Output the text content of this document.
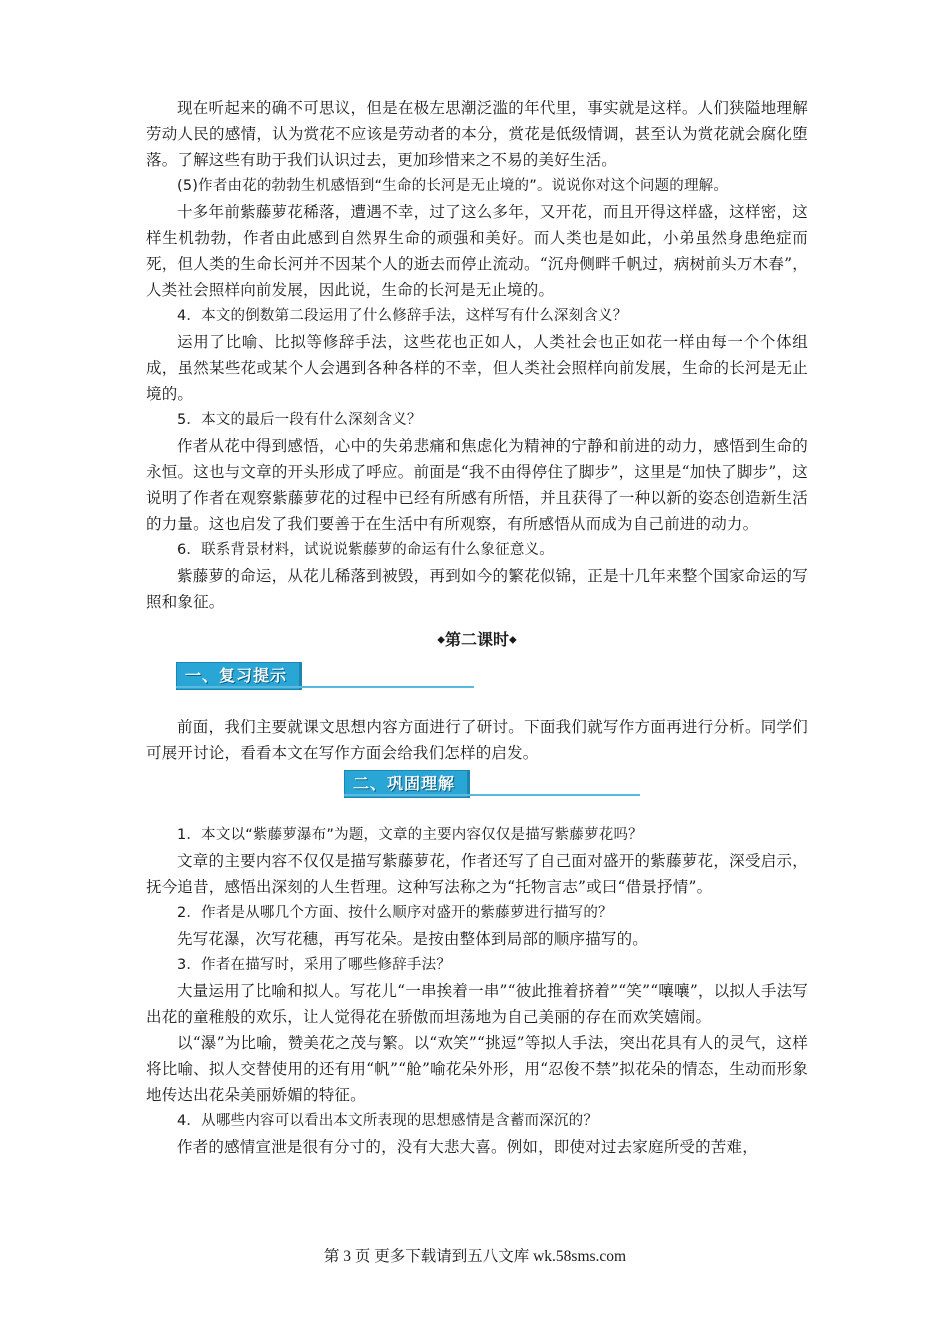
现在听起来的确不可思议，但是在极左思潮泛滥的年代里，事实就是这样。人们狭隘地理解劳动人民的感情，认为赏花不应该是劳动者的本分，赏花是低级情调，甚至认为赏花就会腐化堕落。了解这些有助于我们认识过去，更加珍惜来之不易的美好生活。

(5)作者由花的勃勃生机感悟到“生命的长河是无止境的”。说说你对这个问题的理解。

十多年前紫藤萝花稀落，遭遇不幸，过了这么多年，又开花，而且开得这样盛，这样密，这样生机勃勃，作者由此感到自然界生命的顽强和美好。而人类也是如此，小弟虽然身患绝症而死，但人类的生命长河并不因某个人的逝去而停止流动。“沉舟侧畔千帆过，病树前头万木春”，人类社会照样向前发展，因此说，生命的长河是无止境的。

4．本文的倒数第二段运用了什么修辞手法，这样写有什么深刻含义？

运用了比喻、比拟等修辞手法，这些花也正如人，人类社会也正如花一样由每一个个体组成，虽然某些花或某个人会遇到各种各样的不幸，但人类社会照样向前发展，生命的长河是无止境的。

5．本文的最后一段有什么深刻含义？

作者从花中得到感悟，心中的失弟悲痛和焦虑化为精神的宁静和前进的动力，感悟到生命的永恒。这也与文章的开头形成了呼应。前面是“我不由得停住了脚步”，这里是“加快了脚步”，这说明了作者在观察紫藤萝花的过程中已经有所感有所悟，并且获得了一种以新的姿态创造新生活的力量。这也启发了我们要善于在生活中有所观察，有所感悟从而成为自己前进的动力。

6．联系背景材料，试说说紫藤萝的命运有什么象征意义。

紫藤萝的命运，从花儿稀落到被毁，再到如今的繁花似锦，正是十几年来整个国家命运的写照和象征。

◆第二课时◆
一、复习提示

前面，我们主要就课文思想内容方面进行了研讨。下面我们就写作方面再进行分析。同学们可展开讨论，看看本文在写作方面会给我们怎样的启发。

二、巩固理解

1．本文以“紫藤萝瀑布”为题，文章的主要内容仅仅是描写紫藤萝花吗？

文章的主要内容不仅仅是描写紫藤萝花，作者还写了自己面对盛开的紫藤萝花，深受启示，抚今追昔，感悟出深刻的人生哲理。这种写法称之为“托物言志”或曰“借景抒情”。

2．作者是从哪几个方面、按什么顺序对盛开的紫藤萝进行描写的？

先写花瀑，次写花穗，再写花朵。是按由整体到局部的顺序描写的。

3．作者在描写时，采用了哪些修辞手法？

大量运用了比喻和拟人。写花儿“一串挨着一串”“彼此推着挤着”“笑”“嚷嚷”，以拟人手法写出花的童稚般的欢乐，让人觉得花在骄傲而坦荡地为自己美丽的存在而欢笑嬉闹。

以“瀑”为比喻，赞美花之茂与繁。以“欢笑”“挑逗”等拟人手法，突出花具有人的灵气，这样将比喻、拟人交替使用的还有用“帆”“舱”喻花朵外形，用“忍俊不禁”拟花朵的情态，生动而形象地传达出花朵美丽娇媚的特征。

4．从哪些内容可以看出本文所表现的思想感情是含蓄而深沉的？

作者的感情宣泄是很有分寸的，没有大悲大喜。例如，即使对过去家庭所受的苦难，

第 3 页 更多下载请到五八文库 wk.58sms.com
